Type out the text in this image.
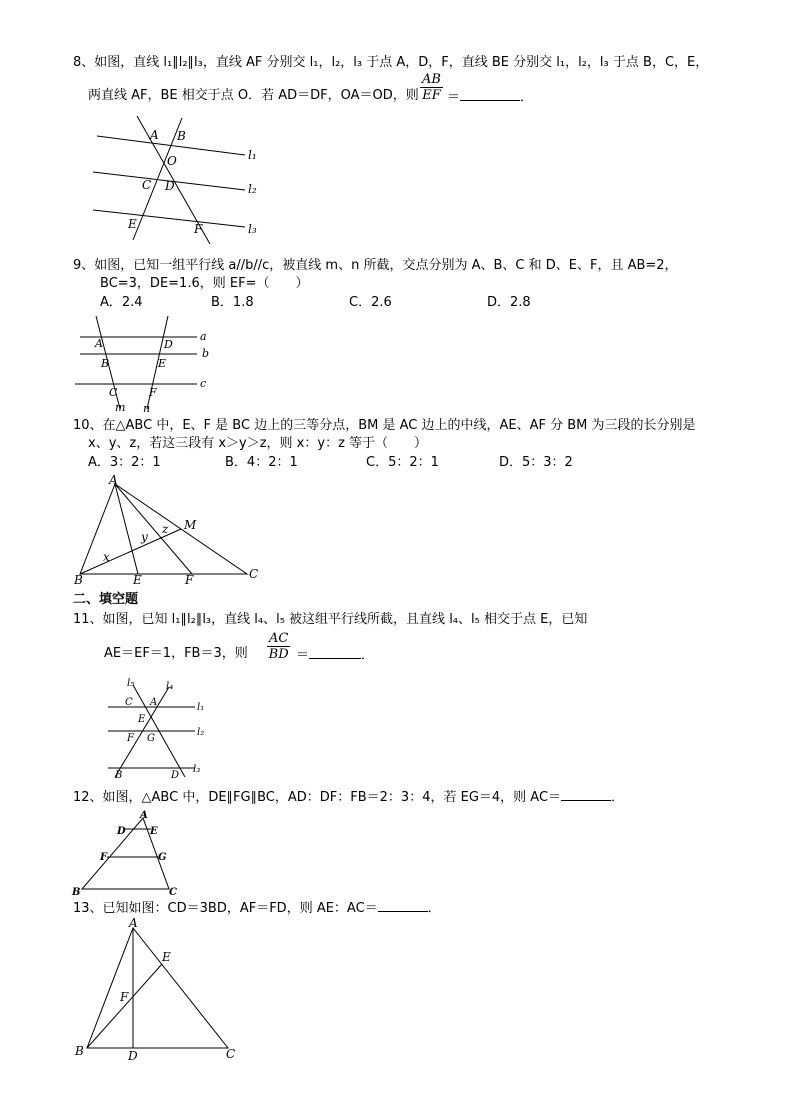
8、如图，直线 l₁∥l₂∥l₃，直线 AF 分别交 l₁，l₂，l₃ 于点 A，D，F，直线 BE 分别交 l₁，l₂，l₃ 于点 B，C，E，
两直线 AF，BE 相交于点 O．若 AD＝DF，OA＝OD，则 $\frac{AB}{EF}$ ＝	．
A B
O
C D
E	F
l₁
l₂
l₃
9、如图，已知一组平行线 a//b//c，被直线 m、n 所截，交点分别为 A、B、C 和 D、E、F，且 AB=2，
BC=3，DE=1.6，则 EF=（　　）
A．2.4	B．1.8	C．2.6	D．2.8
a
b
c
A
B
C
D
E
F
m n
10、在△ABC 中，E、F 是 BC 边上的三等分点，BM 是 AC 边上的中线，AE、AF 分 BM 为三段的长分别是
x、y、z，若这三段有 x＞y＞z，则 x：y：z 等于（　　）
A．3：2：1	B．4：2：1	C．5：2：1	D．5：3：2
A
B	E	F	C
M
x
y
z
二、填空题
11、如图，已知 l₁∥l₂∥l₃，直线 l₄、l₅ 被这组平行线所截，且直线 l₄、l₅ 相交于点 E，已知
AE＝EF＝1，FB＝3，则 $\frac{AC}{BD}$ ＝	．
l₅	l₄
C A	l₁
E
F G
l₂
B	D
l₃
12、如图，△ABC 中，DE∥FG∥BC，AD：DF：FB＝2：3：4，若 EG＝4，则 AC＝	．
A
D E
F	G
B	C
13、已知如图：CD＝3BD，AF＝FD，则 AE：AC＝	．
A
E
F
B	D	C
